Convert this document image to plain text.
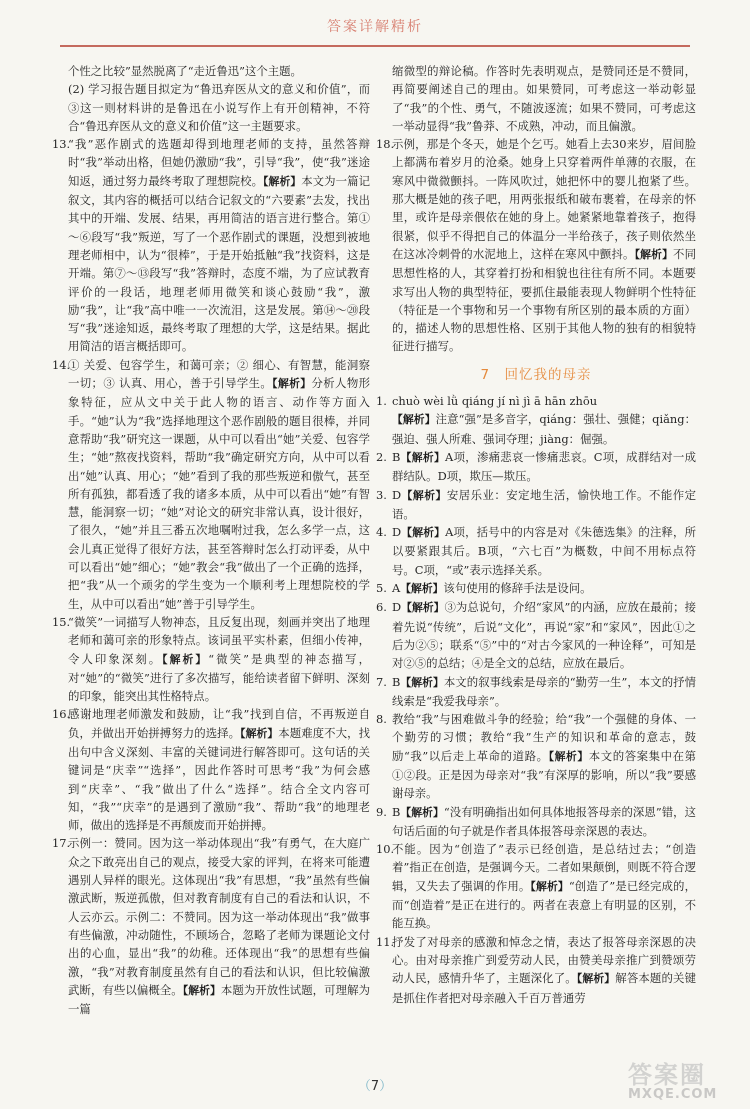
答案详解精析
个性之比较”显然脱离了“走近鲁迅”这个主题。
(2) 学习报告题目拟定为“鲁迅弃医从文的意义和价值”，而③这一则材料讲的是鲁迅在小说写作上有开创精神，不符合“鲁迅弃医从文的意义和价值”这一主题要求。
13.
“我”恶作剧式的选题却得到地理老师的支持，虽然答辩时“我”举动出格，但她仍激励“我”，引导“我”，使“我”迷途知返，通过努力最终考取了理想院校。【解析】本文为一篇记叙文，其内容的概括可以结合记叙文的“六要素”去发，找出其中的开端、发展、结果，再用简洁的语言进行整合。第①～⑥段写“我”叛逆，写了一个恶作剧式的课题，没想到被地理老师相中，认为“很棒”，于是开始抵触“我”找资料，这是开端。第⑦～⑬段写“我”答辩时，态度不端，为了应试教育评价的一段话，地理老师用微笑和谈心鼓励“我”，激励“我”，让“我”高中唯一一次流泪，这是发展。第⑭～⑳段写“我”迷途知返，最终考取了理想的大学，这是结果。据此用简洁的语言概括即可。
14.
① 关爱、包容学生，和蔼可亲；② 细心、有智慧，能洞察一切；③ 认真、用心，善于引导学生。【解析】分析人物形象特征，应从文中关于此人物的语言、动作等方面入手。“她”认为“我”选择地理这个恶作剧般的题目很棒，并同意帮助“我”研究这一课题，从中可以看出“她”关爱、包容学生；“她”熬夜找资料，帮助“我”确定研究方向，从中可以看出“她”认真、用心；“她”看到了我的那些叛逆和傲气，甚至所有孤独，都看透了我的诸多本质，从中可以看出“她”有智慧，能洞察一切；“她”对论文的研究非常认真，设计很好，了很久，“她”并且三番五次地嘱咐过我，怎么多学一点，这会儿真正觉得了很好方法，甚至答辩时怎么打动评委，从中可以看出“她”细心；“她”教会“我”做出了一个正确的选择，把“我”从一个顽劣的学生变为一个顺利考上理想院校的学生，从中可以看出“她”善于引导学生。
15.
“微笑”一词描写人物神态，且反复出现，刻画并突出了地理老师和蔼可亲的形象特点。该词虽平实朴素，但细小传神，令人印象深刻。【解析】“微笑”是典型的神态描写，对“她”的“微笑”进行了多次描写，能给读者留下鲜明、深刻的印象，能突出其性格特点。
16.
感谢地理老师激发和鼓励，让“我”找到自信，不再叛逆自负，并做出开始拼搏努力的选择。【解析】本题难度不大，找出句中含义深刻、丰富的关键词进行解答即可。这句话的关键词是“庆幸”“选择”，因此作答时可思考“我”为何会感到“庆幸”、“我”做出了什么“选择”。结合全文内容可知，“我”“庆幸”的是遇到了激励“我”、帮助“我”的地理老师，做出的选择是不再颓废而开始拼搏。
17.
示例一：赞同。因为这一举动体现出“我”有勇气，在大庭广众之下敢亮出自己的观点，接受大家的评判，在将来可能遭遇别人异样的眼光。这体现出“我”有思想，“我”虽然有些偏激武断，叛逆孤傲，但对教育制度有自己的看法和认识，不人云亦云。示例二：不赞同。因为这一举动体现出“我”做事有些偏激，冲动随性，不顾场合，忽略了老师为课题论文付出的心血，显出“我”的幼稚。还体现出“我”的思想有些偏激，“我”对教育制度虽然有自己的看法和认识，但比较偏激武断，有些以偏概全。【解析】本题为开放性试题，可理解为一篇
缩微型的辩论稿。作答时先表明观点，是赞同还是不赞同，再简要阐述自己的理由。如果赞同，可考虑这一举动彰显了“我”的个性、勇气，不随波逐流；如果不赞同，可考虑这一举动显得“我”鲁莽、不成熟，冲动，而且偏激。
18.
示例，那是个冬天，她是个乞丐。她看上去30来岁，眉间脸上都满布着岁月的沧桑。她身上只穿着两件单薄的衣服，在寒风中微微颤抖。一阵风吹过，她把怀中的婴儿抱紧了些。那大概是她的孩子吧，用两张报纸和破布裹着，在母亲的怀里，或许是母亲偎依在她的身上。她紧紧地靠着孩子，抱得很紧，似乎不得把自己的体温分一半给孩子，孩子则依然坐在这冰冷刺骨的水泥地上，这样在寒风中颤抖。【解析】不同思想性格的人，其穿着打扮和相貌也往往有所不同。本题要求写出人物的典型特征，要抓住最能表现人物鲜明个性特征（特征是一个事物和另一个事物有所区别的最本质的方面）的，描述人物的思想性格、区别于其他人物的独有的相貌特征进行描写。
7　回忆我的母亲
1. chuò wèi lǜ qiáng jí nì jì ā hān zhōu
【解析】注意“强”是多音字，qiáng：强壮、强健；qiǎng：强迫、强人所难、强词夺理；jiàng：倔强。
2. B【解析】A项，渗痛悲哀一惨痛悲哀。C项，成群结对一成群结队。D项，欺压—欺压。
3. D【解析】安居乐业：安定地生活，愉快地工作。不能作定语。
4. D【解析】A项，括号中的内容是对《朱德选集》的注释，所以要紧跟其后。B项，“六七百”为概数，中间不用标点符号。C项，“或”表示选择关系。
5. A【解析】该句使用的修辞手法是设问。
6. D【解析】③为总说句，介绍“家风”的内涵，应放在最前；接着先说“传统”，后说“文化”，再说“家”和“家风”，因此①之后为②⑤；联系“⑤”中的“对古今家风的一种诠释”，可知是对②⑤的总结；④是全文的总结，应放在最后。
7. B【解析】本文的叙事线索是母亲的“勤劳一生”，本文的抒情线索是“我爱我母亲”。
8. 教给“我”与困难做斗争的经验；给“我”一个强健的身体、一个勤劳的习惯；教给“我”生产的知识和革命的意志，鼓励“我”以后走上革命的道路。【解析】本文的答案集中在第①②段。正是因为母亲对“我”有深厚的影响，所以“我”要感谢母亲。
9. B【解析】“没有明确指出如何具体地报答母亲的深恩”错，这句话后面的句子就是作者具体报答母亲深恩的表达。
10.
不能。因为“创造了”表示已经创造，是总结过去；“创造着”指正在创造，是强调今天。二者如果颠倒，则既不符合逻辑，又失去了强调的作用。【解析】“创造了”是已经完成的，而“创造着”是正在进行的。两者在表意上有明显的区别，不能互换。
11.
抒发了对母亲的感激和悼念之情，表达了报答母亲深恩的决心。由对母亲推广到爱劳动人民，由赞美母亲推广到赞颂劳动人民，感情升华了，主题深化了。【解析】解答本题的关键是抓住作者把对母亲融入千百万普通劳
（7）	答案圈
MXQE.COM
